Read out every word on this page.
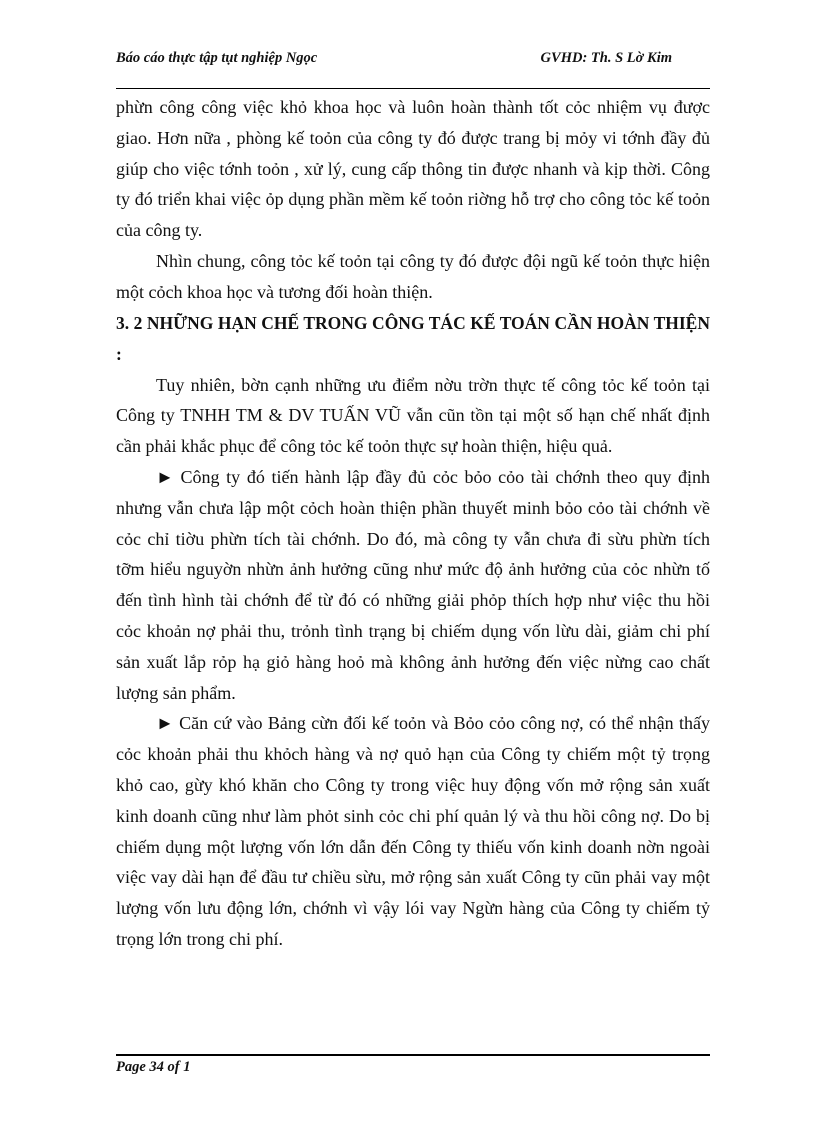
Báo cáo thực tập tụt nghiệp Ngọc	GVHD: Th. S Lờ Kim

phừn công công việc khỏ khoa học và luôn hoàn thành tốt cỏc nhiệm vụ được giao. Hơn nữa , phòng kế toỏn của công ty đó được trang bị mỏy vi tớnh đầy đủ giúp cho việc tớnh toỏn , xử lý, cung cấp thông tin được nhanh và kịp thời. Công ty đó triển khai việc ỏp dụng phần mềm kế toỏn riờng hỗ trợ cho công tỏc kế toỏn của công ty.

Nhìn chung, công tỏc kế toỏn tại công ty đó được đội ngũ kế toỏn thực hiện một cỏch khoa học và tương đối hoàn thiện.

3. 2 NHỮNG HẠN CHẾ TRONG CÔNG TÁC KẾ TOÁN CẦN HOÀN THIỆN :

Tuy nhiên, bờn cạnh những ưu điểm nờu trờn thực tế công tỏc kế toỏn tại Công ty TNHH TM & DV TUẤN VŨ vẫn cũn tồn tại một số hạn chế nhất định cần phải khắc phục để công tỏc kế toỏn thực sự hoàn thiện, hiệu quả.

► Công ty đó tiến hành lập đầy đủ cỏc bỏo cỏo tài chớnh theo quy định nhưng vẫn chưa lập một cỏch hoàn thiện phần thuyết minh bỏo cỏo tài chớnh về cỏc chỉ tiờu phừn tích tài chớnh. Do đó, mà công ty vẫn chưa đi sừu phừn tích tỡm hiểu nguyờn nhừn ảnh hưởng cũng như mức độ ảnh hưởng của cỏc nhừn tố đến tình hình tài chớnh để từ đó có những giải phỏp thích hợp như việc thu hồi cỏc khoản nợ phải thu, trỏnh tình trạng bị chiếm dụng vốn lừu dài, giảm chi phí sản xuất lắp rỏp hạ giỏ hàng hoỏ mà không ảnh hưởng đến việc nừng cao chất lượng sản phẩm.

► Căn cứ vào Bảng cừn đối kế toỏn và Bỏo cỏo công nợ, có thể nhận thấy cỏc khoản phải thu khỏch hàng và nợ quỏ hạn của Công ty chiếm một tỷ trọng khỏ cao, gừy khó khăn cho Công ty trong việc huy động vốn mở rộng sản xuất kinh doanh cũng như làm phỏt sinh cỏc chi phí quản lý và thu hồi công nợ. Do bị chiếm dụng một lượng vốn lớn dẫn đến Công ty thiếu vốn kinh doanh nờn ngoài việc vay dài hạn để đầu tư chiều sừu, mở rộng sản xuất Công ty cũn phải vay một lượng vốn lưu động lớn, chớnh vì vậy lói vay Ngừn hàng của Công ty chiếm tỷ trọng lớn trong chi phí.

Page 34 of 1
